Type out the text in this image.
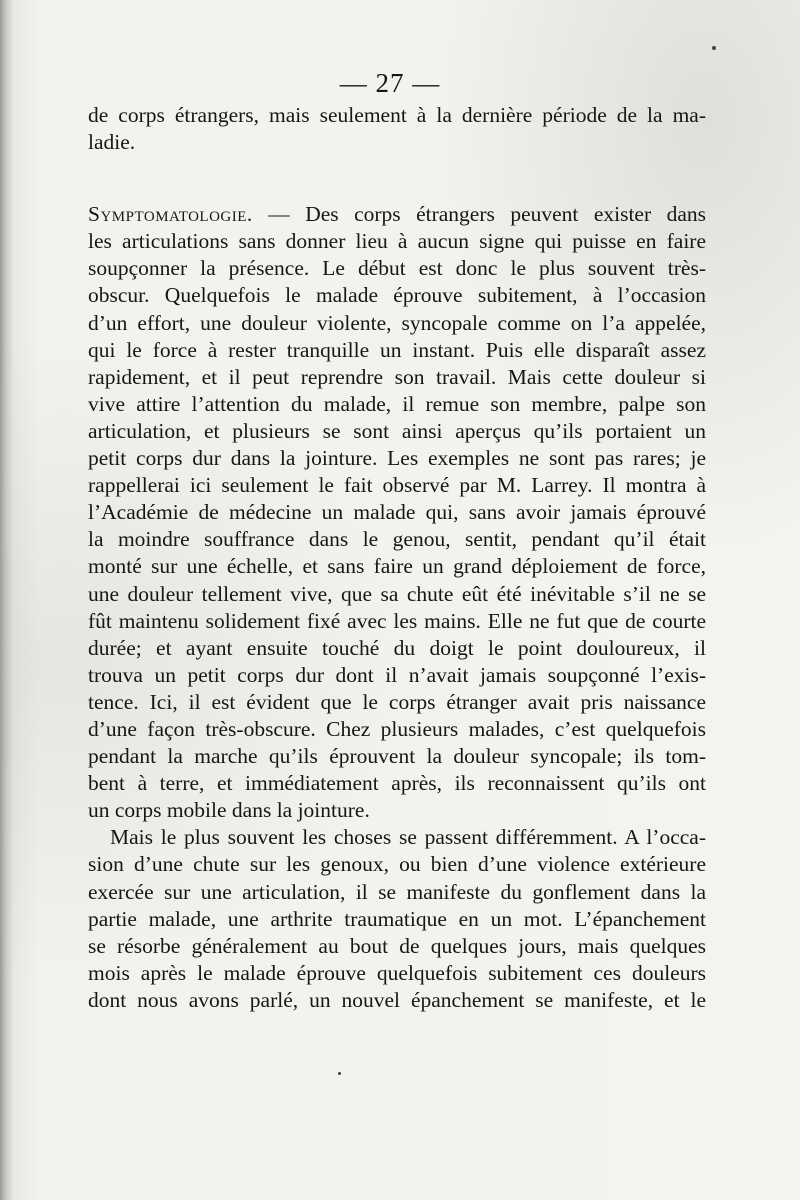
— 27 —
de corps étrangers, mais seulement à la dernière période de la ma-
ladie.
Symptomatologie. — Des corps étrangers peuvent exister dans
les articulations sans donner lieu à aucun signe qui puisse en faire
soupçonner la présence. Le début est donc le plus souvent très-
obscur. Quelquefois le malade éprouve subitement, à l’occasion
d’un effort, une douleur violente, syncopale comme on l’a appelée,
qui le force à rester tranquille un instant. Puis elle disparaît assez
rapidement, et il peut reprendre son travail. Mais cette douleur si
vive attire l’attention du malade, il remue son membre, palpe son
articulation, et plusieurs se sont ainsi aperçus qu’ils portaient un
petit corps dur dans la jointure. Les exemples ne sont pas rares; je
rappellerai ici seulement le fait observé par M. Larrey. Il montra à
l’Académie de médecine un malade qui, sans avoir jamais éprouvé
la moindre souffrance dans le genou, sentit, pendant qu’il était
monté sur une échelle, et sans faire un grand déploiement de force,
une douleur tellement vive, que sa chute eût été inévitable s’il ne se
fût maintenu solidement fixé avec les mains. Elle ne fut que de courte
durée; et ayant ensuite touché du doigt le point douloureux, il
trouva un petit corps dur dont il n’avait jamais soupçonné l’exis-
tence. Ici, il est évident que le corps étranger avait pris naissance
d’une façon très-obscure. Chez plusieurs malades, c’est quelquefois
pendant la marche qu’ils éprouvent la douleur syncopale; ils tom-
bent à terre, et immédiatement après, ils reconnaissent qu’ils ont
un corps mobile dans la jointure.
Mais le plus souvent les choses se passent différemment. A l’occa-
sion d’une chute sur les genoux, ou bien d’une violence extérieure
exercée sur une articulation, il se manifeste du gonflement dans la
partie malade, une arthrite traumatique en un mot. L’épanchement
se résorbe généralement au bout de quelques jours, mais quelques
mois après le malade éprouve quelquefois subitement ces douleurs
dont nous avons parlé, un nouvel épanchement se manifeste, et le
